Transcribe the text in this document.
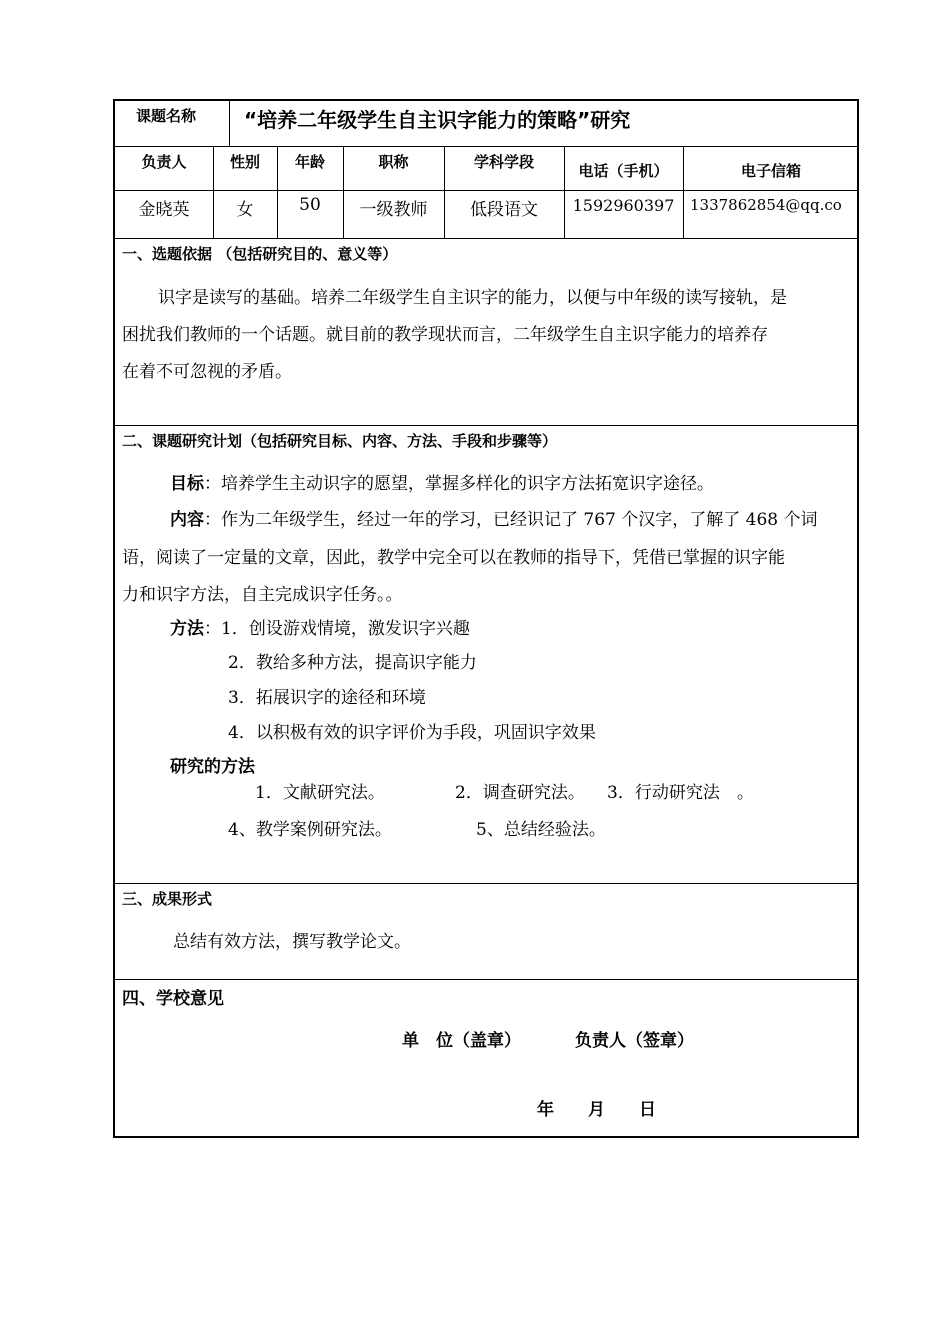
课题名称 “培养二年级学生自主识字能力的策略”研究
负责人	性别	年龄	职称	学科学段	电话（手机）	电子信箱
金晓英	女	50	一级教师	低段语文	1592960397	1337862854@qq.co
一、选题依据 （包括研究目的、意义等）
识字是读写的基础。培养二年级学生自主识字的能力，以便与中年级的读写接轨，是
困扰我们教师的一个话题。就目前的教学现状而言，二年级学生自主识字能力的培养存
在着不可忽视的矛盾。
二、课题研究计划（包括研究目标、内容、方法、手段和步骤等）
目标：培养学生主动识字的愿望，掌握多样化的识字方法拓宽识字途径。
内容：作为二年级学生，经过一年的学习，已经识记了 767 个汉字，了解了 468 个词
语，阅读了一定量的文章，因此，教学中完全可以在教师的指导下，凭借已掌握的识字能
力和识字方法，自主完成识字任务。。
方法：1．创设游戏情境，激发识字兴趣
2．教给多种方法，提高识字能力
3．拓展识字的途径和环境
4．以积极有效的识字评价为手段，巩固识字效果
研究的方法
1．文献研究法。	2．调查研究法。 3．行动研究法　。
4、教学案例研究法。	5、总结经验法。
三、成果形式
总结有效方法，撰写教学论文。
四、学校意见
单　位（盖章）	负责人（签章）
年　　月　　日
